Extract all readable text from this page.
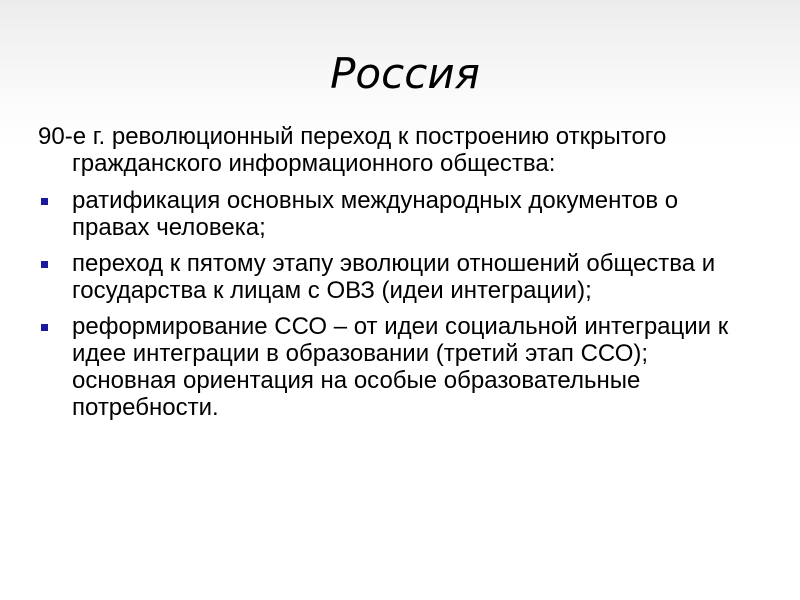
Россия

90-е г. революционный переход к построению открытого гражданского информационного общества:

ратификация основных международных документов о правах человека;
переход к пятому этапу эволюции отношений общества и государства к лицам с ОВЗ (идеи интеграции);
реформирование ССО – от идеи социальной интеграции к идее интеграции в образовании (третий этап ССО); основная ориентация на особые образовательные потребности.
